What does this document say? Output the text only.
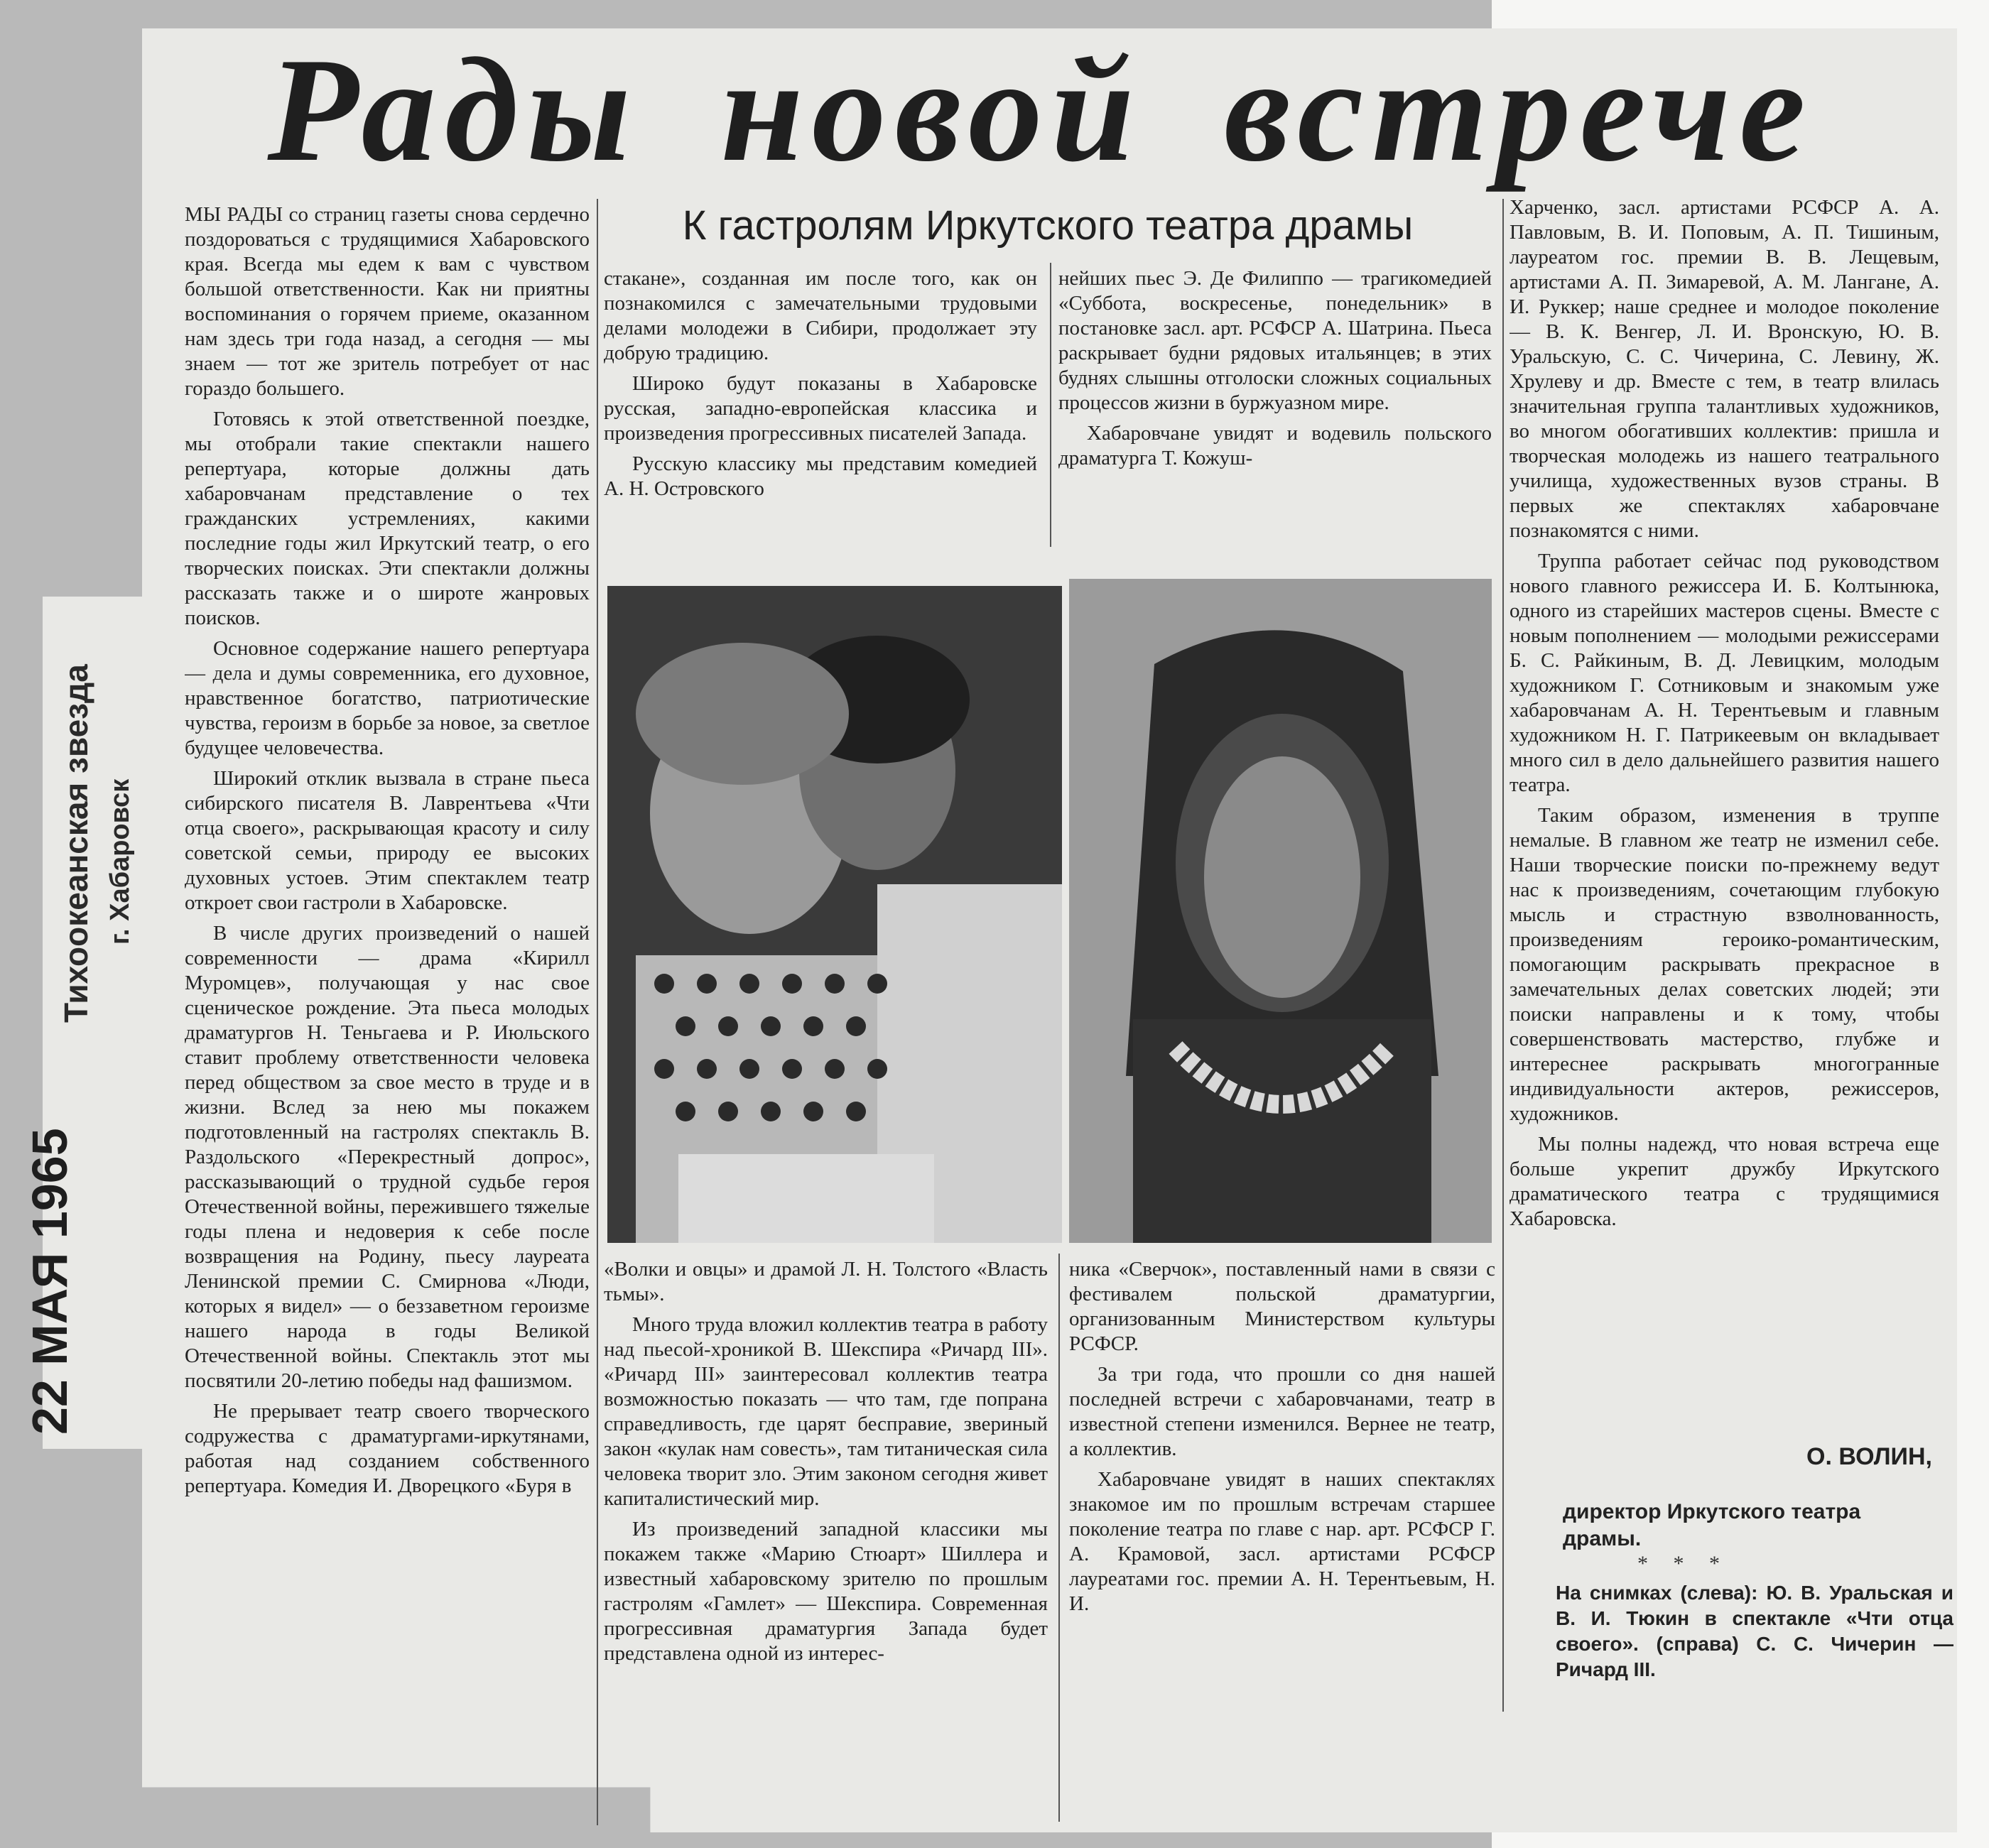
Рады новой встрече
К гастролям Иркутского театра драмы

МЫ РАДЫ со страниц газеты снова сердечно поздороваться с трудящимися Хабаровского края. Всегда мы едем к вам с чувством большой ответственности. Как ни приятны воспоминания о горячем приеме, оказанном нам здесь три года назад, а сегодня — мы знаем — тот же зритель потребует от нас гораздо большего.

Готовясь к этой ответственной поездке, мы отобрали такие спектакли нашего репертуара, которые должны дать хабаровчанам представление о тех гражданских устремлениях, какими последние годы жил Иркутский театр, о его творческих поисках. Эти спектакли должны рассказать также и о широте жанровых поисков.

Основное содержание нашего репертуара — дела и думы современника, его духовное, нравственное богатство, патриотические чувства, героизм в борьбе за новое, за светлое будущее человечества.

Широкий отклик вызвала в стране пьеса сибирского писателя В. Лаврентьева «Чти отца своего», раскрывающая красоту и силу советской семьи, природу ее высоких духовных устоев. Этим спектаклем театр откроет свои гастроли в Хабаровске.

В числе других произведений о нашей современности — драма «Кирилл Муромцев», получающая у нас свое сценическое рождение. Эта пьеса молодых драматургов Н. Теньгаева и Р. Июльского ставит проблему ответственности человека перед обществом за свое место в труде и в жизни. Вслед за нею мы покажем подготовленный на гастролях спектакль В. Раздольского «Перекрестный допрос», рассказывающий о трудной судьбе героя Отечественной войны, пережившего тяжелые годы плена и недоверия к себе после возвращения на Родину, пьесу лауреата Ленинской премии С. Смирнова «Люди, которых я видел» — о беззаветном героизме нашего народа в годы Великой Отечественной войны. Спектакль этот мы посвятили 20-летию победы над фашизмом.

Не прерывает театр своего творческого содружества с драматургами-иркутянами, работая над созданием собственного репертуара. Комедия И. Дворецкого «Буря в

стакане», созданная им после того, как он познакомился с замечательными трудовыми делами молодежи в Сибири, продолжает эту добрую традицию.

Широко будут показаны в Хабаровске русская, западно-европейская классика и произведения прогрессивных писателей Запада.

Русскую классику мы представим комедией А. Н. Островского

нейших пьес Э. Де Филиппо — трагикомедией «Суббота, воскресенье, понедельник» в постановке засл. арт. РСФСР А. Шатрина. Пьеса раскрывает будни рядовых итальянцев; в этих буднях слышны отголоски сложных социальных процессов жизни в буржуазном мире.

Хабаровчане увидят и водевиль польского драматурга Т. Кожуш-

«Волки и овцы» и драмой Л. Н. Толстого «Власть тьмы».

Много труда вложил коллектив театра в работу над пьесой-хроникой В. Шекспира «Ричард III». «Ричард III» заинтересовал коллектив театра возможностью показать — что там, где попрана справедливость, где царят бесправие, звериный закон «кулак нам совесть», там титаническая сила человека творит зло. Этим законом сегодня живет капиталистический мир.

Из произведений западной классики мы покажем также «Марию Стюарт» Шиллера и известный хабаровскому зрителю по прошлым гастролям «Гамлет» — Шекспира. Современная прогрессивная драматургия Запада будет представлена одной из интерес-

ника «Сверчок», поставленный нами в связи с фестивалем польской драматургии, организованным Министерством культуры РСФСР.

За три года, что прошли со дня нашей последней встречи с хабаровчанами, театр в известной степени изменился. Вернее не театр, а коллектив.

Хабаровчане увидят в наших спектаклях знакомое им по прошлым встречам старшее поколение театра по главе с нар. арт. РСФСР Г. А. Крамовой, засл. артистами РСФСР лауреатами гос. премии А. Н. Терентьевым, Н. И.

Харченко, засл. артистами РСФСР А. А. Павловым, В. И. Поповым, А. П. Тишиным, лауреатом гос. премии В. В. Лещевым, артистами А. П. Зимаревой, А. М. Лангане, А. И. Руккер; наше среднее и молодое поколение — В. К. Венгер, Л. И. Вронскую, Ю. В. Уральскую, С. С. Чичерина, С. Левину, Ж. Хрулеву и др. Вместе с тем, в театр влилась значительная группа талантливых художников, во многом обогативших коллектив: пришла и творческая молодежь из нашего театрального училища, художественных вузов страны. В первых же спектаклях хабаровчане познакомятся с ними.

Труппа работает сейчас под руководством нового главного режиссера И. Б. Колтынюка, одного из старейших мастеров сцены. Вместе с новым пополнением — молодыми режиссерами Б. С. Райкиным, В. Д. Левицким, молодым художником Г. Сотниковым и знакомым уже хабаровчанам А. Н. Терентьевым и главным художником Н. Г. Патрикеевым он вкладывает много сил в дело дальнейшего развития нашего театра.

Таким образом, изменения в труппе немалые. В главном же театр не изменил себе. Наши творческие поиски по-прежнему ведут нас к произведениям, сочетающим глубокую мысль и страстную взволнованность, произведениям героико-романтическим, помогающим раскрывать прекрасное в замечательных делах советских людей; эти поиски направлены и к тому, чтобы совершенствовать мастерство, глубже и интереснее раскрывать многогранные индивидуальности актеров, режиссеров, художников.

Мы полны надежд, что новая встреча еще больше укрепит дружбу Иркутского драматического театра с трудящимися Хабаровска.

О. ВОЛИН,
директор Иркутского театра драмы.
* * *
На снимках (слева): Ю. В. Уральская и В. И. Тюкин в спектакле «Чти отца своего». (справа) С. С. Чичерин — Ричард III.
Тихоокеанская звезда г. Хабаровск
22 МАЯ 1965
